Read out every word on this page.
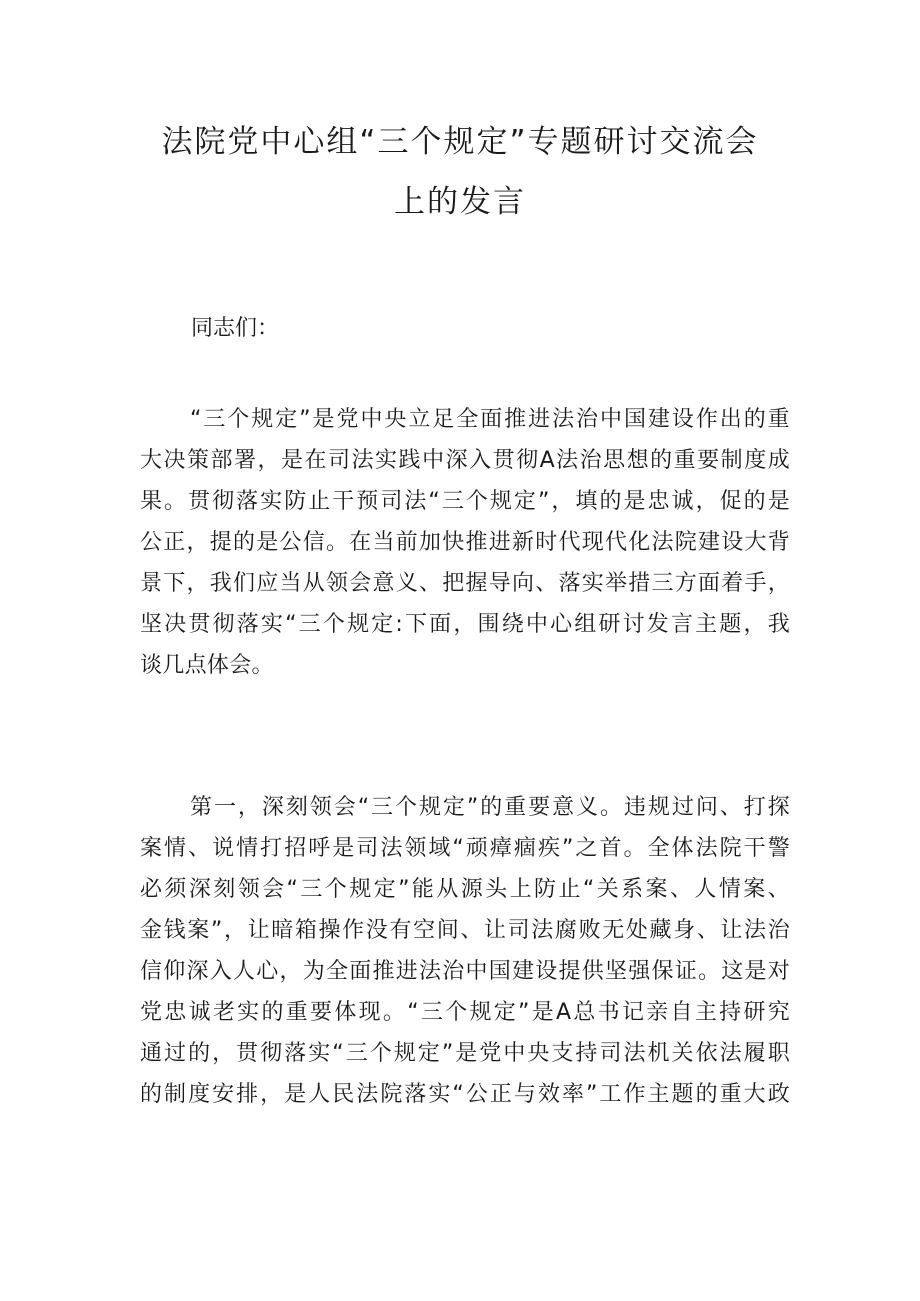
法院党中心组“三个规定”专题研讨交流会
上的发言
同志们：
“三个规定”是党中央立足全面推进法治中国建设作出的重
大决策部署，是在司法实践中深入贯彻A法治思想的重要制度成
果。贯彻落实防止干预司法“三个规定”，填的是忠诚，促的是
公正，提的是公信。在当前加快推进新时代现代化法院建设大背
景下，我们应当从领会意义、把握导向、落实举措三方面着手，
坚决贯彻落实“三个规定:下面，围绕中心组研讨发言主题，我
谈几点体会。
第一，深刻领会“三个规定”的重要意义。违规过问、打探
案情、说情打招呼是司法领域“顽瘴痼疾”之首。全体法院干警
必须深刻领会“三个规定”能从源头上防止“关系案、人情案、
金钱案”，让暗箱操作没有空间、让司法腐败无处藏身、让法治
信仰深入人心，为全面推进法治中国建设提供坚强保证。这是对
党忠诚老实的重要体现。“三个规定”是A总书记亲自主持研究
通过的，贯彻落实“三个规定”是党中央支持司法机关依法履职
的制度安排，是人民法院落实“公正与效率”工作主题的重大政
